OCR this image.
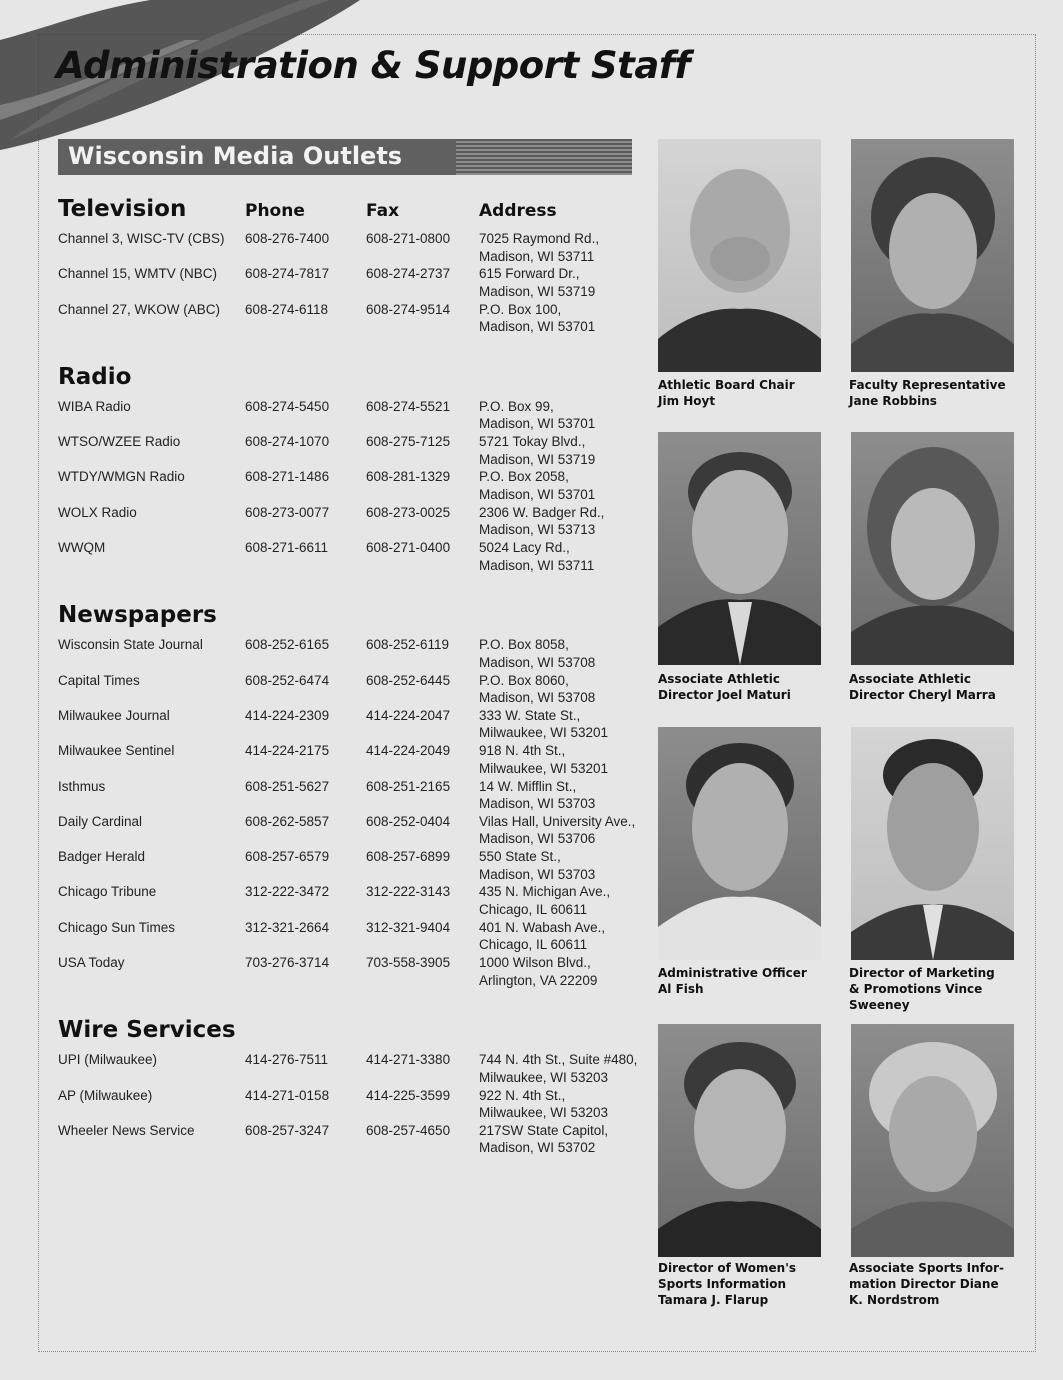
Administration & Support Staff
Wisconsin Media Outlets
Television	Phone	Fax	Address
Channel 3, WISC-TV (CBS) 608-276-7400	608-271-0800 7025 Raymond Rd.,
Madison, WI 53711
Channel 15, WMTV (NBC) 608-274-7817	608-274-2737 615 Forward Dr.,
Madison, WI 53719
Channel 27, WKOW (ABC) 608-274-6118	608-274-9514 P.O. Box 100,
Madison, WI 53701
Radio
WIBA Radio	608-274-5450	608-274-5521 P.O. Box 99,
Madison, WI 53701
WTSO/WZEE Radio	608-274-1070	608-275-7125 5721 Tokay Blvd.,
Madison, WI 53719
WTDY/WMGN Radio	608-271-1486	608-281-1329 P.O. Box 2058,
Madison, WI 53701
WOLX Radio	608-273-0077	608-273-0025 2306 W. Badger Rd.,
Madison, WI 53713
WWQM	608-271-6611	608-271-0400 5024 Lacy Rd.,
Madison, WI 53711
Newspapers
Wisconsin State Journal	608-252-6165	608-252-6119 P.O. Box 8058,
Madison, WI 53708
Capital Times	608-252-6474	608-252-6445 P.O. Box 8060,
Madison, WI 53708
Milwaukee Journal	414-224-2309	414-224-2047 333 W. State St.,
Milwaukee, WI 53201
Milwaukee Sentinel	414-224-2175	414-224-2049 918 N. 4th St.,
Milwaukee, WI 53201
Isthmus	608-251-5627	608-251-2165 14 W. Mifflin St.,
Madison, WI 53703
Daily Cardinal	608-262-5857	608-252-0404 Vilas Hall, University Ave.,
Madison, WI 53706
Badger Herald	608-257-6579	608-257-6899 550 State St.,
Madison, WI 53703
Chicago Tribune	312-222-3472	312-222-3143 435 N. Michigan Ave.,
Chicago, IL 60611
Chicago Sun Times	312-321-2664	312-321-9404 401 N. Wabash Ave.,
Chicago, IL 60611
USA Today	703-276-3714	703-558-3905 1000 Wilson Blvd.,
Arlington, VA 22209
Wire Services
UPI (Milwaukee)	414-276-7511	414-271-3380 744 N. 4th St., Suite #480,
Milwaukee, WI 53203
AP (Milwaukee)	414-271-0158	414-225-3599 922 N. 4th St.,
Milwaukee, WI 53203
Wheeler News Service	608-257-3247	608-257-4650 217SW State Capitol,
Madison, WI 53702

Athletic Board Chair
Jim Hoyt

Faculty Representative
Jane Robbins

Associate Athletic
Director Joel Maturi

Associate Athletic
Director Cheryl Marra

Administrative Officer
Al Fish

Director of Marketing
& Promotions Vince
Sweeney

Director of Women's
Sports Information
Tamara J. Flarup

Associate Sports Infor-
mation Director Diane
K. Nordstrom
